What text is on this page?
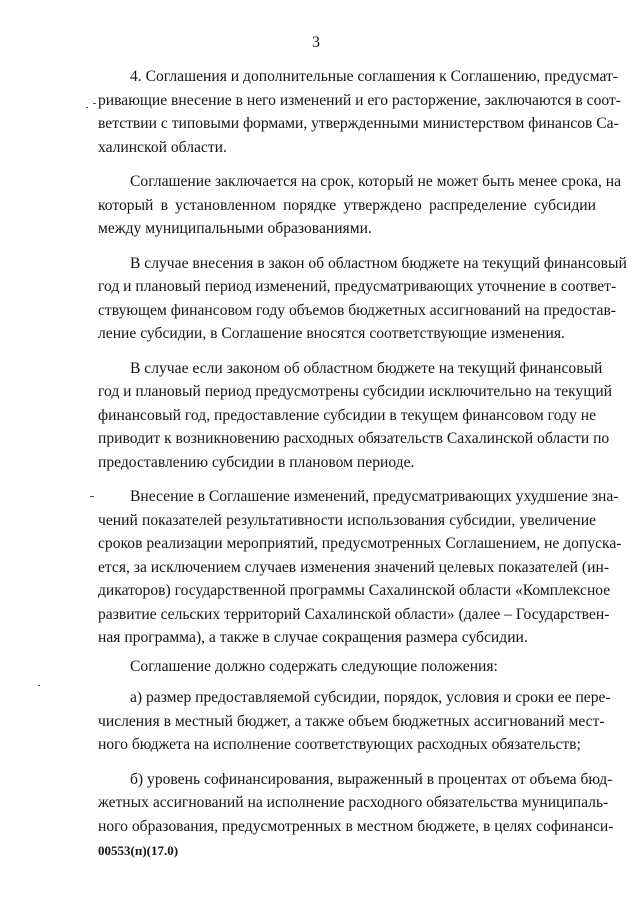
3

4. Соглашения и дополнительные соглашения к Соглашению, предусмат-
ривающие внесение в него изменений и его расторжение, заключаются в соот-
ветствии с типовыми формами, утвержденными министерством финансов Са-
халинской области.

Соглашение заключается на срок, который не может быть менее срока, на
который в установленном порядке утверждено распределение субсидии
между муниципальными образованиями.

В случае внесения в закон об областном бюджете на текущий финансовый
год и плановый период изменений, предусматривающих уточнение в соответ-
ствующем финансовом году объемов бюджетных ассигнований на предостав-
ление субсидии, в Соглашение вносятся соответствующие изменения.

В случае если законом об областном бюджете на текущий финансовый
год и плановый период предусмотрены субсидии исключительно на текущий
финансовый год, предоставление субсидии в текущем финансовом году не
приводит к возникновению расходных обязательств Сахалинской области по
предоставлению субсидии в плановом периоде.

Внесение в Соглашение изменений, предусматривающих ухудшение зна-
чений показателей результативности использования субсидии, увеличение
сроков реализации мероприятий, предусмотренных Соглашением, не допуска-
ется, за исключением случаев изменения значений целевых показателей (ин-
дикаторов) государственной программы Сахалинской области «Комплексное
развитие сельских территорий Сахалинской области» (далее – Государствен-
ная программа), а также в случае сокращения размера субсидии.

Соглашение должно содержать следующие положения:

а) размер предоставляемой субсидии, порядок, условия и сроки ее пере-
числения в местный бюджет, а также объем бюджетных ассигнований мест-
ного бюджета на исполнение соответствующих расходных обязательств;

б) уровень софинансирования, выраженный в процентах от объема бюд-
жетных ассигнований на исполнение расходного обязательства муниципаль-
ного образования, предусмотренных в местном бюджете, в целях софинанси-

00553(п)(17.0)
